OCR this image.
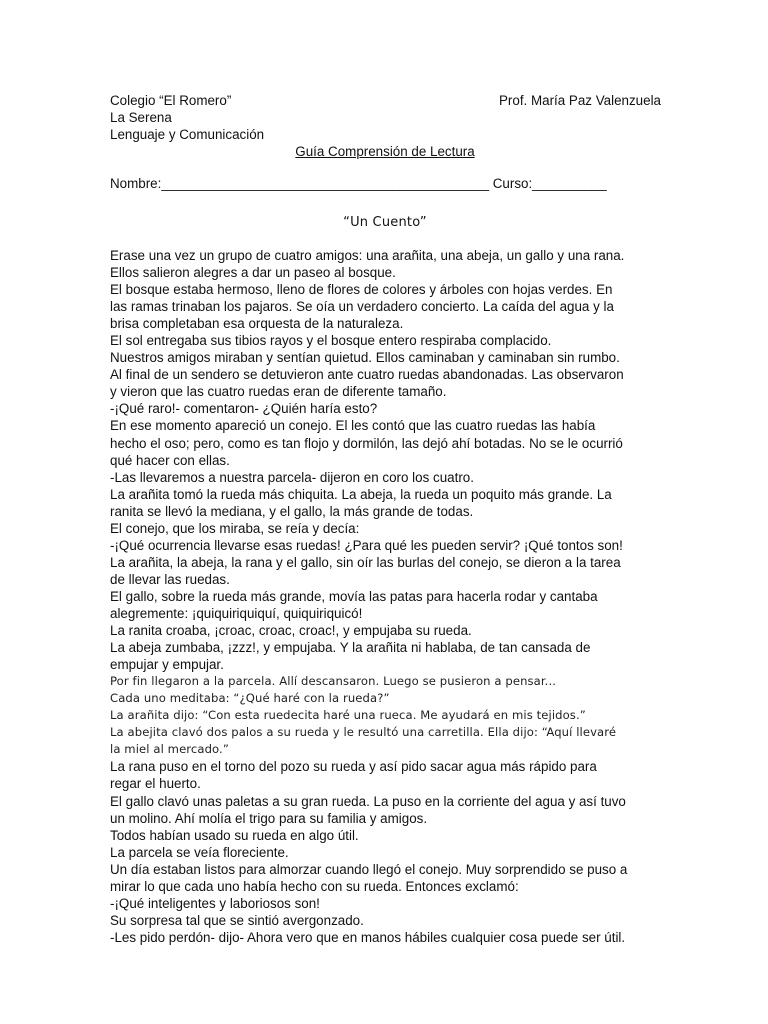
Colegio “El Romero”	Prof. María Paz Valenzuela
La Serena
Lenguaje y Comunicación
Guía Comprensión de Lectura
Nombre:____________________________________________ Curso:__________
“Un Cuento”
Erase una vez un grupo de cuatro amigos: una arañita, una abeja, un gallo y una rana.
Ellos salieron alegres a dar un paseo al bosque.
El bosque estaba hermoso, lleno de flores de colores y árboles con hojas verdes. En
las ramas trinaban los pajaros. Se oía un verdadero concierto. La caída del agua y la
brisa completaban esa orquesta de la naturaleza.
El sol entregaba sus tibios rayos y el bosque entero respiraba complacido.
Nuestros amigos miraban y sentían quietud. Ellos caminaban y caminaban sin rumbo.
Al final de un sendero se detuvieron ante cuatro ruedas abandonadas. Las observaron
y vieron que las cuatro ruedas eran de diferente tamaño.
-¡Qué raro!- comentaron- ¿Quién haría esto?
En ese momento apareció un conejo. El les contó que las cuatro ruedas las había
hecho el oso; pero, como es tan flojo y dormilón, las dejó ahí botadas. No se le ocurrió
qué hacer con ellas.
-Las llevaremos a nuestra parcela- dijeron en coro los cuatro.
La arañita tomó la rueda más chiquita. La abeja, la rueda un poquito más grande. La
ranita se llevó la mediana, y el gallo, la más grande de todas.
El conejo, que los miraba, se reía y decía:
-¡Qué ocurrencia llevarse esas ruedas! ¿Para qué les pueden servir? ¡Qué tontos son!
La arañita, la abeja, la rana y el gallo, sin oír las burlas del conejo, se dieron a la tarea
de llevar las ruedas.
El gallo, sobre la rueda más grande, movía las patas para hacerla rodar y cantaba
alegremente: ¡quiquiriquiquí, quiquiriquicó!
La ranita croaba, ¡croac, croac, croac!, y empujaba su rueda.
La abeja zumbaba, ¡zzz!, y empujaba. Y la arañita ni hablaba, de tan cansada de
empujar y empujar.
Por fin llegaron a la parcela. Allí descansaron. Luego se pusieron a pensar...
Cada uno meditaba: “¿Qué haré con la rueda?”
La arañita dijo: “Con esta ruedecita haré una rueca. Me ayudará en mis tejidos.”
La abejita clavó dos palos a su rueda y le resultó una carretilla. Ella dijo: “Aquí llevaré
la miel al mercado.”
La rana puso en el torno del pozo su rueda y así pido sacar agua más rápido para
regar el huerto.
El gallo clavó unas paletas a su gran rueda. La puso en la corriente del agua y así tuvo
un molino. Ahí molía el trigo para su familia y amigos.
Todos habían usado su rueda en algo útil.
La parcela se veía floreciente.
Un día estaban listos para almorzar cuando llegó el conejo. Muy sorprendido se puso a
mirar lo que cada uno había hecho con su rueda. Entonces exclamó:
-¡Qué inteligentes y laboriosos son!
Su sorpresa tal que se sintió avergonzado.
-Les pido perdón- dijo- Ahora vero que en manos hábiles cualquier cosa puede ser útil.
